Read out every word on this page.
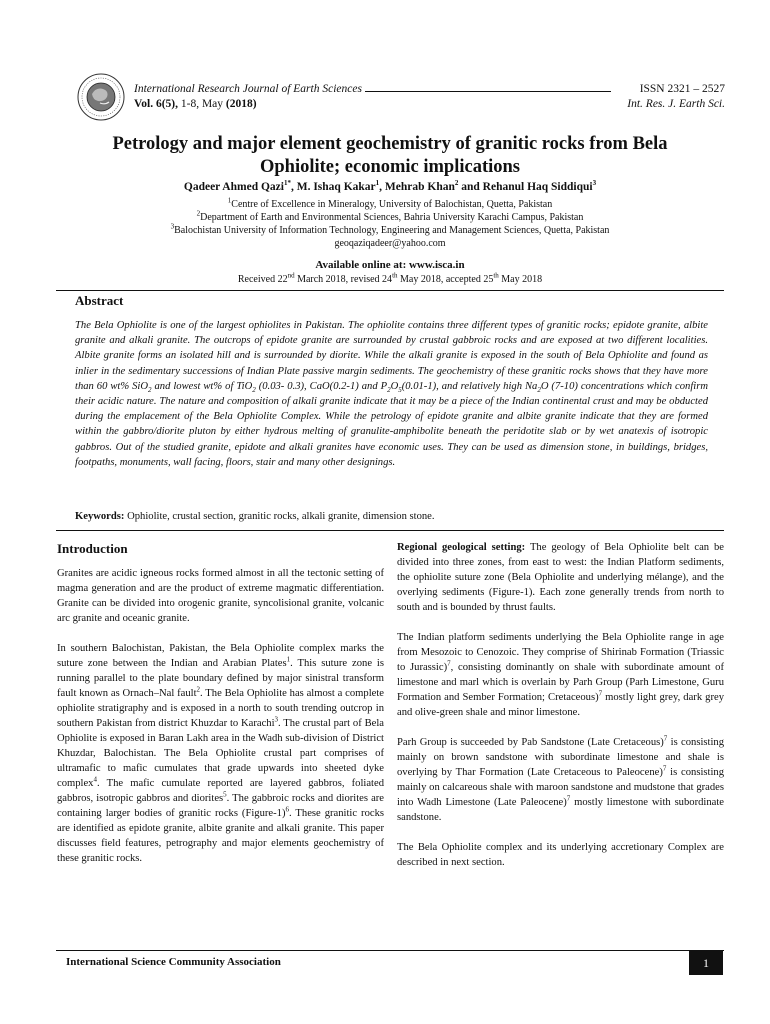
International Research Journal of Earth Sciences	ISSN 2321 – 2527
Vol. 6(5), 1-8, May (2018)	Int. Res. J. Earth Sci.
Petrology and major element geochemistry of granitic rocks from Bela
Ophiolite; economic implications
Qadeer Ahmed Qazi$^{1*}$, M. Ishaq Kakar$^1$, Mehrab Khan$^2$ and Rehanul Haq Siddiqui$^3$
$^1$Centre of Excellence in Mineralogy, University of Balochistan, Quetta, Pakistan
$^2$Department of Earth and Environmental Sciences, Bahria University Karachi Campus, Pakistan
$^3$Balochistan University of Information Technology, Engineering and Management Sciences, Quetta, Pakistan
geoqaziqadeer@yahoo.com
Available online at: www.isca.in
Received 22nd March 2018, revised 24th May 2018, accepted 25th May 2018
Abstract
The Bela Ophiolite is one of the largest ophiolites in Pakistan. The ophiolite contains three different types of granitic rocks; epidote granite, albite granite and alkali granite. The outcrops of epidote granite are surrounded by crustal gabbroic rocks and are exposed at two different localities. Albite granite forms an isolated hill and is surrounded by diorite. While the alkali granite is exposed in the south of Bela Ophiolite and found as inlier in the sedimentary successions of Indian Plate passive margin sediments. The geochemistry of these granitic rocks shows that they have more than 60 wt% SiO$_2$ and lowest wt% of TiO$_2$ (0.03- 0.3), CaO(0.2-1) and $P_2O_5(0.01-1)$, and relatively high $Na_2O$ (7-10) concentrations which confirm their acidic nature. The nature and composition of alkali granite indicate that it may be a piece of the Indian continental crust and may be obducted during the emplacement of the Bela Ophiolite Complex. While the petrology of epidote granite and albite granite indicate that they are formed within the gabbro/diorite pluton by either hydrous melting of granulite-amphibolite beneath the peridotite slab or by wet anatexis of isotropic gabbros. Out of the studied granite, epidote and alkali granites have economic uses. They can be used as dimension stone, in buildings, bridges, footpaths, monuments, wall facing, floors, stair and many other designings.
Keywords: Ophiolite, crustal section, granitic rocks, alkali granite, dimension stone.

Introduction

Granites are acidic igneous rocks formed almost in all the tectonic setting of magma generation and are the product of extreme magmatic differentiation. Granite can be divided into orogenic granite, syncolisional granite, volcanic arc granite and oceanic granite.

In southern Balochistan, Pakistan, the Bela Ophiolite complex marks the suture zone between the Indian and Arabian Plates$^1$. This suture zone is running parallel to the plate boundary defined by major sinistral transform fault known as Ornach–Nal fault$^2$. The Bela Ophiolite has almost a complete ophiolite stratigraphy and is exposed in a north to south trending outcrop in southern Pakistan from district Khuzdar to Karachi$^3$. The crustal part of Bela Ophiolite is exposed in Baran Lakh area in the Wadh sub-division of District Khuzdar, Balochistan. The Bela Ophiolite crustal part comprises of ultramafic to mafic cumulates that grade upwards into sheeted dyke complex$^4$. The mafic cumulate reported are layered gabbros, foliated gabbros, isotropic gabbros and diorites$^5$. The gabbroic rocks and diorites are containing larger bodies of granitic rocks (Figure-1)$^6$. These granitic rocks are identified as epidote granite, albite granite and alkali granite. This paper discusses field features, petrography and major elements geochemistry of these granitic rocks.

Regional geological setting: The geology of Bela Ophiolite belt can be divided into three zones, from east to west: the Indian Platform sediments, the ophiolite suture zone (Bela Ophiolite and underlying mélange), and the overlying sediments (Figure-1). Each zone generally trends from north to south and is bounded by thrust faults.

The Indian platform sediments underlying the Bela Ophiolite range in age from Mesozoic to Cenozoic. They comprise of Shirinab Formation (Triassic to Jurassic)$^7$, consisting dominantly on shale with subordinate amount of limestone and marl which is overlain by Parh Group (Parh Limestone, Guru Formation and Sember Formation; Cretaceous)$^7$ mostly light grey, dark grey and olive-green shale and minor limestone.

Parh Group is succeeded by Pab Sandstone (Late Cretaceous)$^7$ is consisting mainly on brown sandstone with subordinate limestone and shale is overlying by Thar Formation (Late Cretaceous to Paleocene)$^7$ is consisting mainly on calcareous shale with maroon sandstone and mudstone that grades into Wadh Limestone (Late Paleocene)$^7$ mostly limestone with subordinate sandstone.

The Bela Ophiolite complex and its underlying accretionary Complex are described in next section.

International Science Community Association	1
